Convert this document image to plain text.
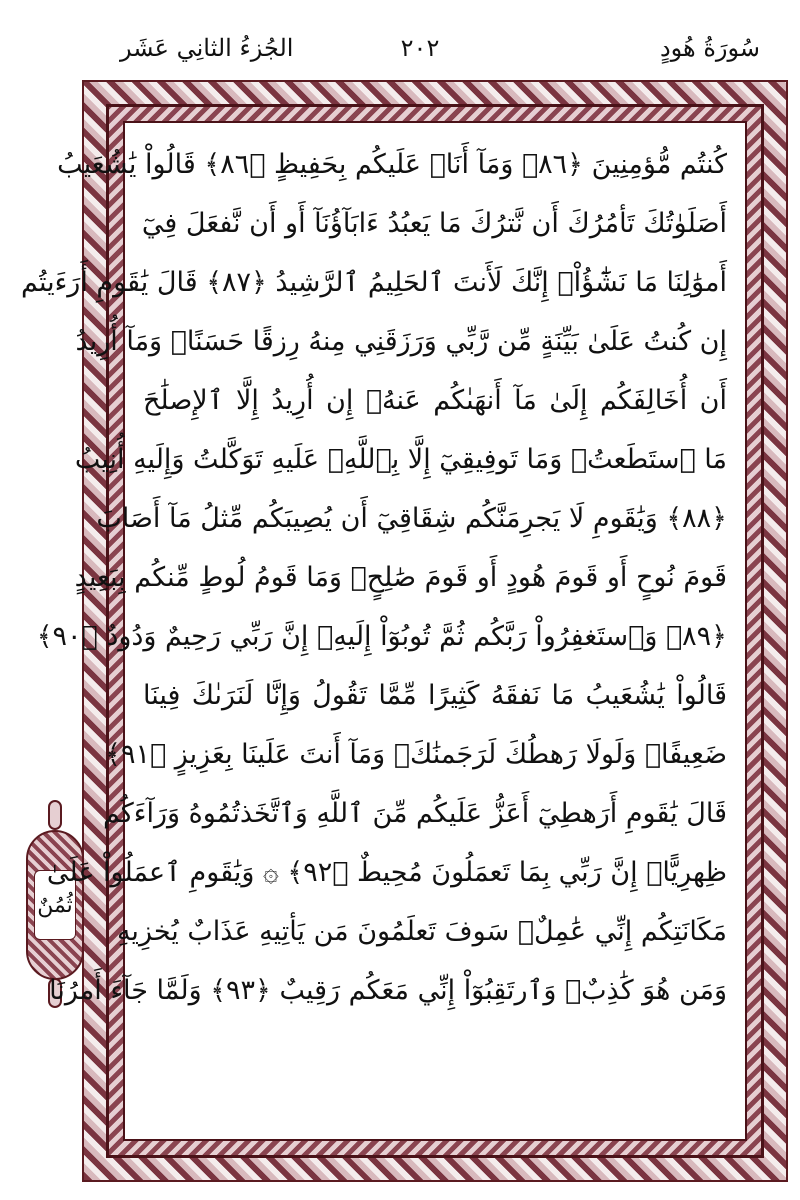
الجُزءُ الثانِي عَشَر	٢٠٢	سُورَةُ هُودٍ
ثُمُنٌ
كُنتُم مُّؤمِنِينَ ﴿٨٦﴾ وَمَآ أَنَا۠ عَلَيكُم بِحَفِيظٍ ﴿٨٦﴾ قَالُواْ يَٰشُعَيبُ
أَصَلَوٰتُكَ تَأمُرُكَ أَن نَّترُكَ مَا يَعبُدُ ءَابَآؤُنَآ أَو أَن نَّفعَلَ فِيٓ
أَموَٰلِنَا مَا نَشَٰٓؤُاْۖ إِنَّكَ لَأَنتَ ٱلحَلِيمُ ٱلرَّشِيدُ ﴿٨٧﴾ قَالَ يَٰقَومِ أَرَءَيتُم
إِن كُنتُ عَلَىٰ بَيِّنَةٍ مِّن رَّبِّي وَرَزَقَنِي مِنهُ رِزقًا حَسَنًاۚ وَمَآ أُرِيدُ
أَن أُخَالِفَكُم إِلَىٰ مَآ أَنهَىٰكُم عَنهُۚ إِن أُرِيدُ إِلَّا ٱلإِصلَٰحَ
مَا ٱستَطَعتُۚ وَمَا تَوفِيقِيٓ إِلَّا بِٱللَّهِۚ عَلَيهِ تَوَكَّلتُ وَإِلَيهِ أُنِيبُ
﴿٨٨﴾ وَيَٰقَومِ لَا يَجرِمَنَّكُم شِقَاقِيٓ أَن يُصِيبَكُم مِّثلُ مَآ أَصَابَ
قَومَ نُوحٍ أَو قَومَ هُودٍ أَو قَومَ صَٰلِحٍۚ وَمَا قَومُ لُوطٍ مِّنكُم بِبَعِيدٍ
﴿٨٩﴾ وَٱستَغفِرُواْ رَبَّكُم ثُمَّ تُوبُوٓاْ إِلَيهِۚ إِنَّ رَبِّي رَحِيمٌ وَدُودٌ ﴿٩٠﴾
قَالُواْ يَٰشُعَيبُ مَا نَفقَهُ كَثِيرًا مِّمَّا تَقُولُ وَإِنَّا لَنَرَىٰكَ فِينَا
ضَعِيفًاۖ وَلَولَا رَهطُكَ لَرَجَمنَٰكَۖ وَمَآ أَنتَ عَلَينَا بِعَزِيزٍ ﴿٩١﴾
قَالَ يَٰقَومِ أَرَهطِيٓ أَعَزُّ عَلَيكُم مِّنَ ٱللَّهِ وَٱتَّخَذتُمُوهُ وَرَآءَكُم
ظِهرِيًّاۖ إِنَّ رَبِّي بِمَا تَعمَلُونَ مُحِيطٌ ﴿٩٢﴾ ۞ وَيَٰقَومِ ٱعمَلُواْ عَلَىٰ
مَكَانَتِكُم إِنِّي عَٰمِلٌۖ سَوفَ تَعلَمُونَ مَن يَأتِيهِ عَذَابٌ يُخزِيهِ
وَمَن هُوَ كَٰذِبٌۖ وَٱرتَقِبُوٓاْ إِنِّي مَعَكُم رَقِيبٌ ﴿٩٣﴾ وَلَمَّا جَآءَ أَمرُنَا
